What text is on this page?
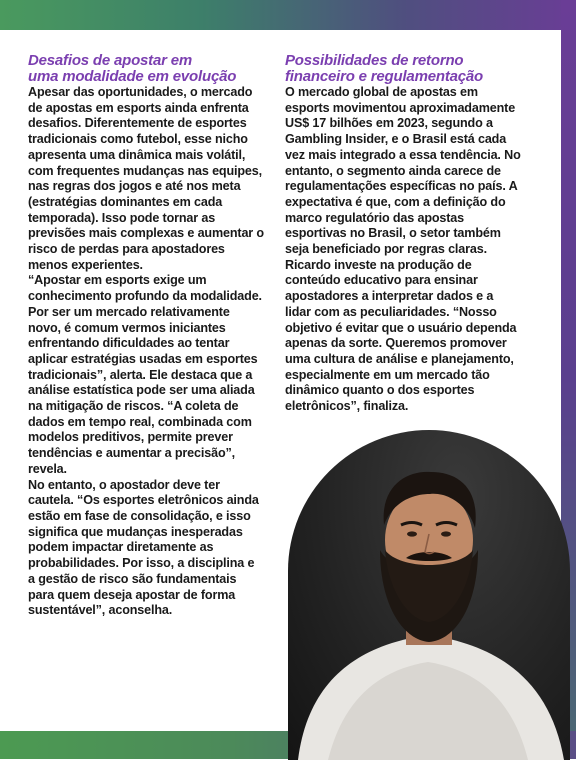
Desafios de apostar em
uma modalidade em evolução

Apesar das oportunidades, o mercado de apostas em esports ainda enfrenta desafios. Diferentemente de esportes tradicionais como futebol, esse nicho apresenta uma dinâmica mais volátil, com frequentes mudanças nas equipes, nas regras dos jogos e até nos meta (estratégias dominantes em cada temporada). Isso pode tornar as previsões mais complexas e aumentar o risco de perdas para apostadores menos experientes.

“Apostar em esports exige um conhecimento profundo da modalidade. Por ser um mercado relativamente novo, é comum vermos iniciantes enfrentando dificuldades ao tentar aplicar estratégias usadas em esportes tradicionais”, alerta. Ele destaca que a análise estatística pode ser uma aliada na mitigação de riscos. “A coleta de dados em tempo real, combinada com modelos preditivos, permite prever tendências e aumentar a precisão”, revela.

No entanto, o apostador deve ter cautela. “Os esportes eletrônicos ainda estão em fase de consolidação, e isso significa que mudanças inesperadas podem impactar diretamente as probabilidades. Por isso, a disciplina e a gestão de risco são fundamentais para quem deseja apostar de forma sustentável”, aconselha.

Possibilidades de retorno
financeiro e regulamentação

O mercado global de apostas em esports movimentou aproximadamente US$ 17 bilhões em 2023, segundo a Gambling Insider, e o Brasil está cada vez mais integrado a essa tendência. No entanto, o segmento ainda carece de regulamentações específicas no país. A expectativa é que, com a definição do marco regulatório das apostas esportivas no Brasil, o setor também seja beneficiado por regras claras.

Ricardo investe na produção de conteúdo educativo para ensinar apostadores a interpretar dados e a lidar com as peculiaridades. “Nosso objetivo é evitar que o usuário dependa apenas da sorte. Queremos promover uma cultura de análise e planejamento, especialmente em um mercado tão dinâmico quanto o dos esportes eletrônicos”, finaliza.
